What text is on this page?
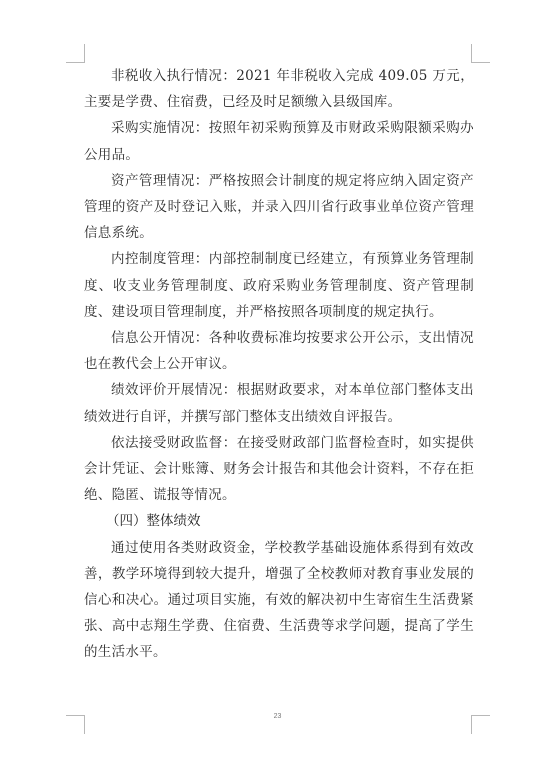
非税收入执行情况：2021 年非税收入完成 409.05 万元，主要是学费、住宿费，已经及时足额缴入县级国库。

采购实施情况：按照年初采购预算及市财政采购限额采购办公用品。

资产管理情况：严格按照会计制度的规定将应纳入固定资产管理的资产及时登记入账，并录入四川省行政事业单位资产管理信息系统。

内控制度管理：内部控制制度已经建立，有预算业务管理制度、收支业务管理制度、政府采购业务管理制度、资产管理制度、建设项目管理制度，并严格按照各项制度的规定执行。

信息公开情况：各种收费标准均按要求公开公示，支出情况也在教代会上公开审议。

绩效评价开展情况：根据财政要求，对本单位部门整体支出绩效进行自评，并撰写部门整体支出绩效自评报告。

依法接受财政监督：在接受财政部门监督检查时，如实提供会计凭证、会计账簿、财务会计报告和其他会计资料，不存在拒绝、隐匿、谎报等情况。

（四）整体绩效

通过使用各类财政资金，学校教学基础设施体系得到有效改善，教学环境得到较大提升，增强了全校教师对教育事业发展的信心和决心。通过项目实施，有效的解决初中生寄宿生生活费紧张、高中志翔生学费、住宿费、生活费等求学问题，提高了学生的生活水平。

23
